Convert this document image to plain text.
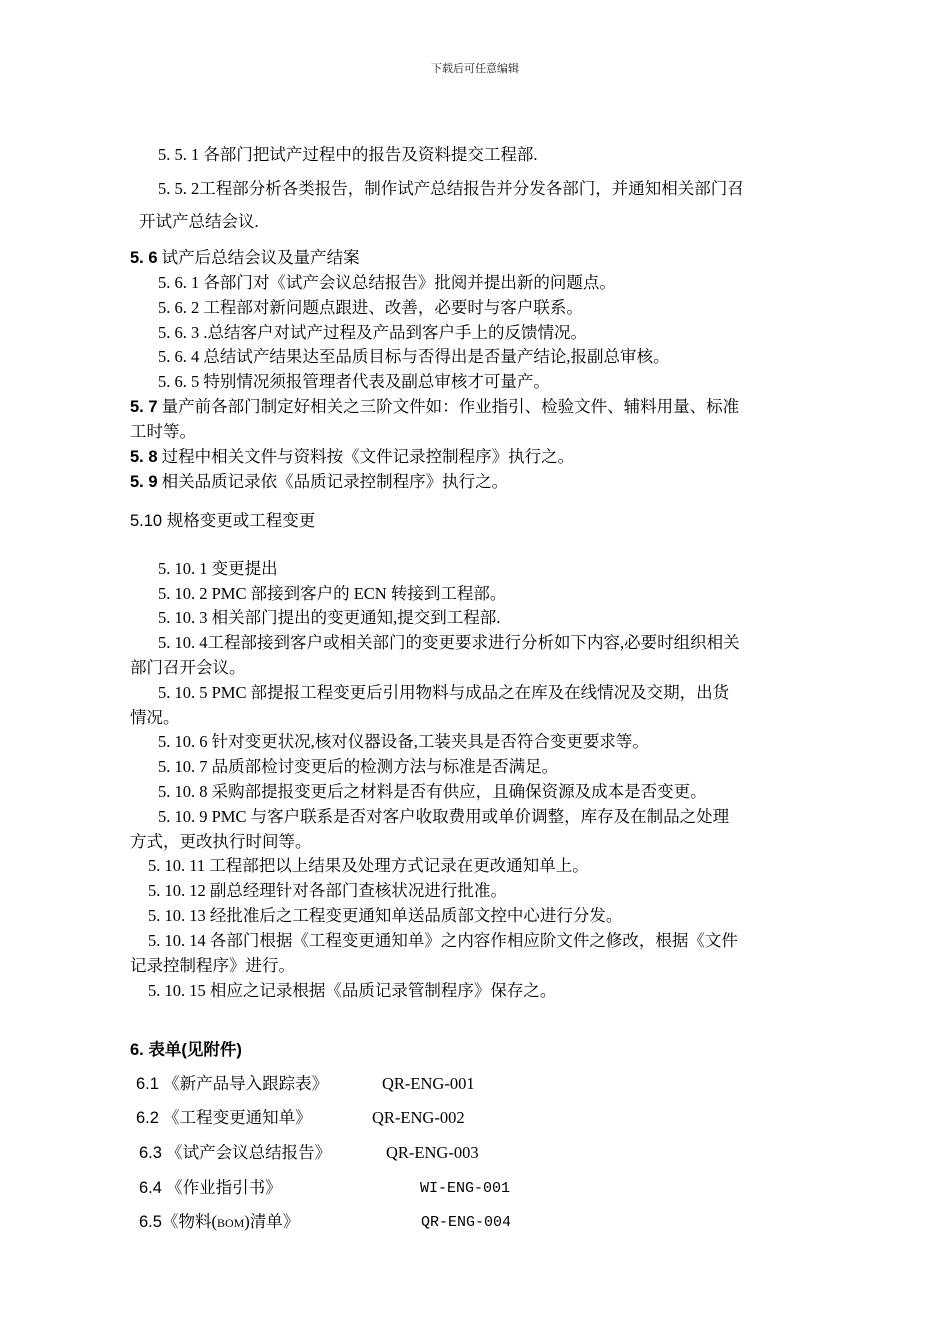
下载后可任意编辑
5. 5. 1 各部门把试产过程中的报告及资料提交工程部.
5. 5. 2工程部分析各类报告，制作试产总结报告并分发各部门，并通知相关部门召
开试产总结会议.
5. 6 试产后总结会议及量产结案
5. 6. 1 各部门对《试产会议总结报告》批阅并提出新的问题点。
5. 6. 2 工程部对新问题点跟进、改善，必要时与客户联系。
5. 6. 3 .总结客户对试产过程及产品到客户手上的反馈情况。
5. 6. 4 总结试产结果达至品质目标与否得出是否量产结论,报副总审核。
5. 6. 5 特别情况须报管理者代表及副总审核才可量产。
5. 7 量产前各部门制定好相关之三阶文件如：作业指引、检验文件、辅料用量、标准
工时等。
5. 8 过程中相关文件与资料按《文件记录控制程序》执行之。
5. 9 相关品质记录依《品质记录控制程序》执行之。
5.10 规格变更或工程变更
5. 10. 1 变更提出
5. 10. 2 PMC 部接到客户的 ECN 转接到工程部。
5. 10. 3 相关部门提出的变更通知,提交到工程部.
5. 10. 4工程部接到客户或相关部门的变更要求进行分析如下内容,必要时组织相关
部门召开会议。
5. 10. 5 PMC 部提报工程变更后引用物料与成品之在库及在线情况及交期，出货
情况。
5. 10. 6 针对变更状况,核对仪器设备,工装夹具是否符合变更要求等。
5. 10. 7 品质部检讨变更后的检测方法与标准是否满足。
5. 10. 8 采购部提报变更后之材料是否有供应，且确保资源及成本是否变更。
5. 10. 9 PMC 与客户联系是否对客户收取费用或单价调整，库存及在制品之处理
方式，更改执行时间等。
5. 10. 11 工程部把以上结果及处理方式记录在更改通知单上。
5. 10. 12 副总经理针对各部门查核状况进行批准。
5. 10. 13 经批准后之工程变更通知单送品质部文控中心进行分发。
5. 10. 14 各部门根据《工程变更通知单》之内容作相应阶文件之修改，根据《文件
记录控制程序》进行。
5. 10. 15 相应之记录根据《品质记录管制程序》保存之。
6. 表单(见附件)
6.1 《新产品导入跟踪表》	QR-ENG-001
6.2 《工程变更通知单》	QR-ENG-002
6.3 《试产会议总结报告》	QR-ENG-003
6.4 《作业指引书》	WI-ENG-001
6.5《物料(BOM)清单》	QR-ENG-004
